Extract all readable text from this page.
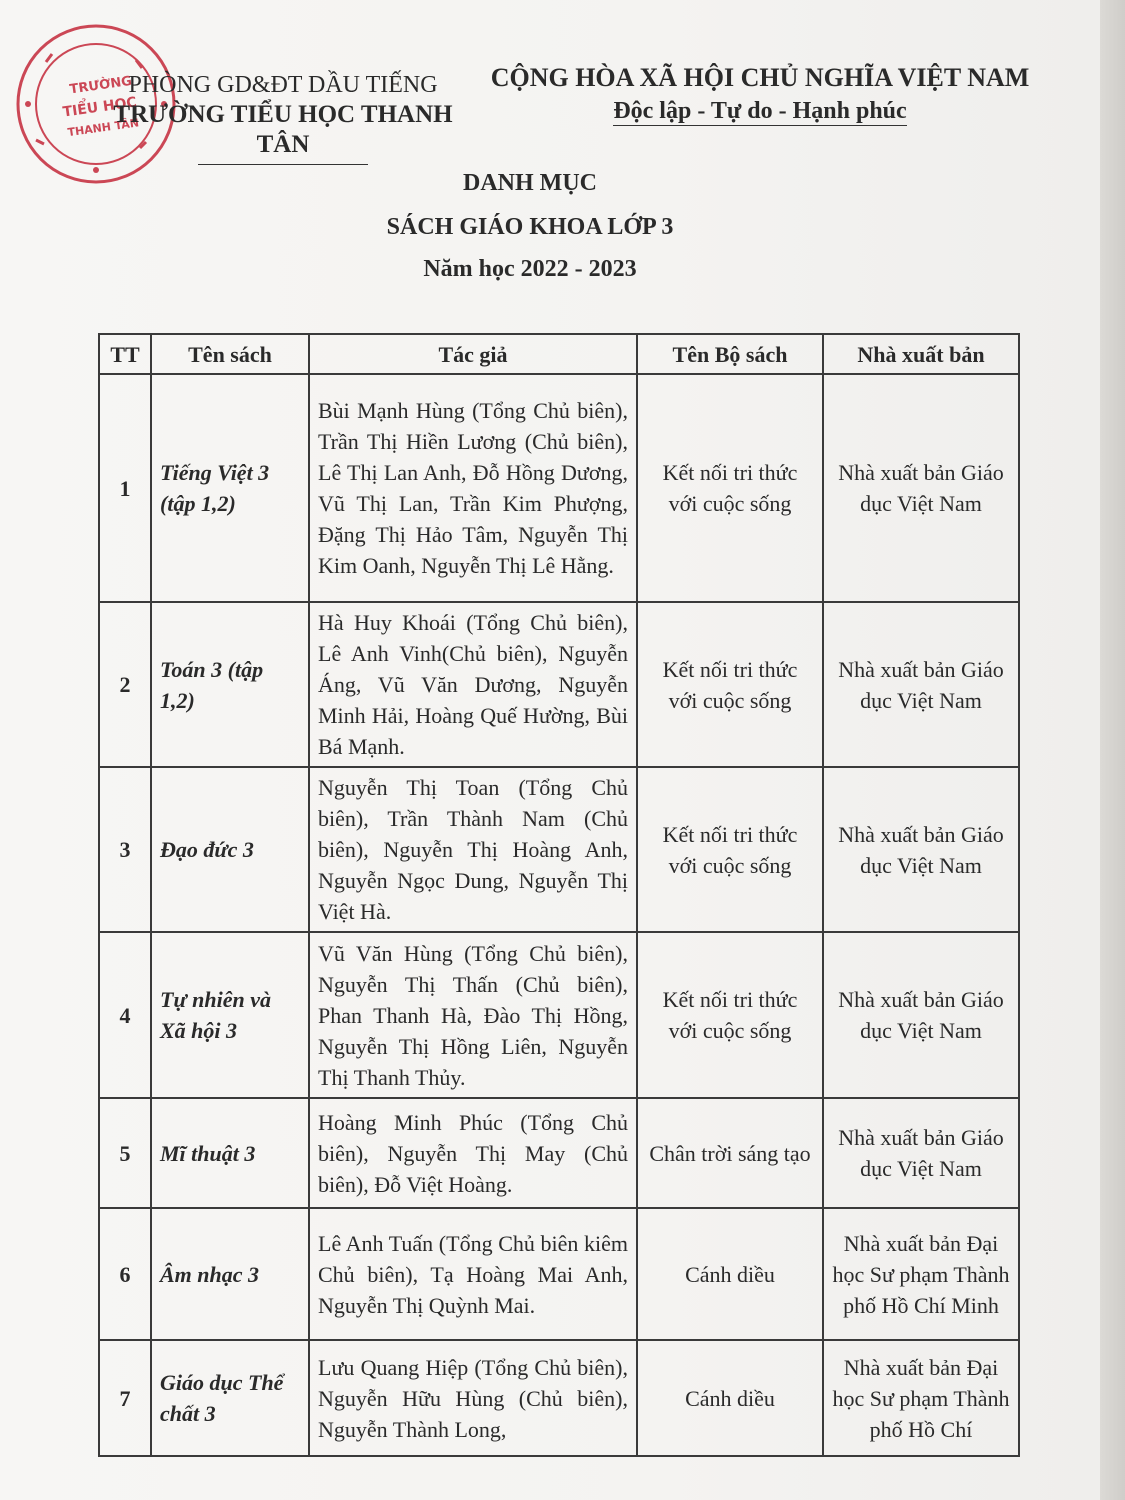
TRƯỜNG
TIỂU HỌC
THANH TÂN
PHÒNG GD&ĐT DẦU TIẾNG
TRƯỜNG TIỂU HỌC THANH TÂN
CỘNG HÒA XÃ HỘI CHỦ NGHĨA VIỆT NAM
Độc lập - Tự do - Hạnh phúc
DANH MỤC
SÁCH GIÁO KHOA LỚP 3
Năm học 2022 - 2023
TT	Tên sách	Tác giả	Tên Bộ sách	Nhà xuất bản
1	Tiếng Việt 3 (tập 1,2)	Bùi Mạnh Hùng (Tổng Chủ biên), Trần Thị Hiền Lương (Chủ biên), Lê Thị Lan Anh, Đỗ Hồng Dương, Vũ Thị Lan, Trần Kim Phượng, Đặng Thị Hảo Tâm, Nguyễn Thị Kim Oanh, Nguyễn Thị Lê Hằng.	Kết nối tri thức với cuộc sống	Nhà xuất bản Giáo dục Việt Nam
2	Toán 3 (tập 1,2)	Hà Huy Khoái (Tổng Chủ biên), Lê Anh Vinh(Chủ biên), Nguyễn Áng, Vũ Văn Dương, Nguyễn Minh Hải, Hoàng Quế Hường, Bùi Bá Mạnh.	Kết nối tri thức với cuộc sống	Nhà xuất bản Giáo dục Việt Nam
3	Đạo đức 3	Nguyễn Thị Toan (Tổng Chủ biên), Trần Thành Nam (Chủ biên), Nguyễn Thị Hoàng Anh, Nguyễn Ngọc Dung, Nguyễn Thị Việt Hà.	Kết nối tri thức với cuộc sống	Nhà xuất bản Giáo dục Việt Nam
4	Tự nhiên và Xã hội 3	Vũ Văn Hùng (Tổng Chủ biên), Nguyễn Thị Thấn (Chủ biên), Phan Thanh Hà, Đào Thị Hồng, Nguyễn Thị Hồng Liên, Nguyễn Thị Thanh Thủy.	Kết nối tri thức với cuộc sống	Nhà xuất bản Giáo dục Việt Nam
5	Mĩ thuật 3	Hoàng Minh Phúc (Tổng Chủ biên), Nguyễn Thị May (Chủ biên), Đỗ Việt Hoàng.	Chân trời sáng tạo	Nhà xuất bản Giáo dục Việt Nam
6	Âm nhạc 3	Lê Anh Tuấn (Tổng Chủ biên kiêm Chủ biên), Tạ Hoàng Mai Anh, Nguyễn Thị Quỳnh Mai.	Cánh diều	Nhà xuất bản Đại học Sư phạm Thành phố Hồ Chí Minh
7	Giáo dục Thể chất 3	Lưu Quang Hiệp (Tổng Chủ biên), Nguyễn Hữu Hùng (Chủ biên), Nguyễn Thành Long,	Cánh diều	Nhà xuất bản Đại học Sư phạm Thành phố Hồ Chí
